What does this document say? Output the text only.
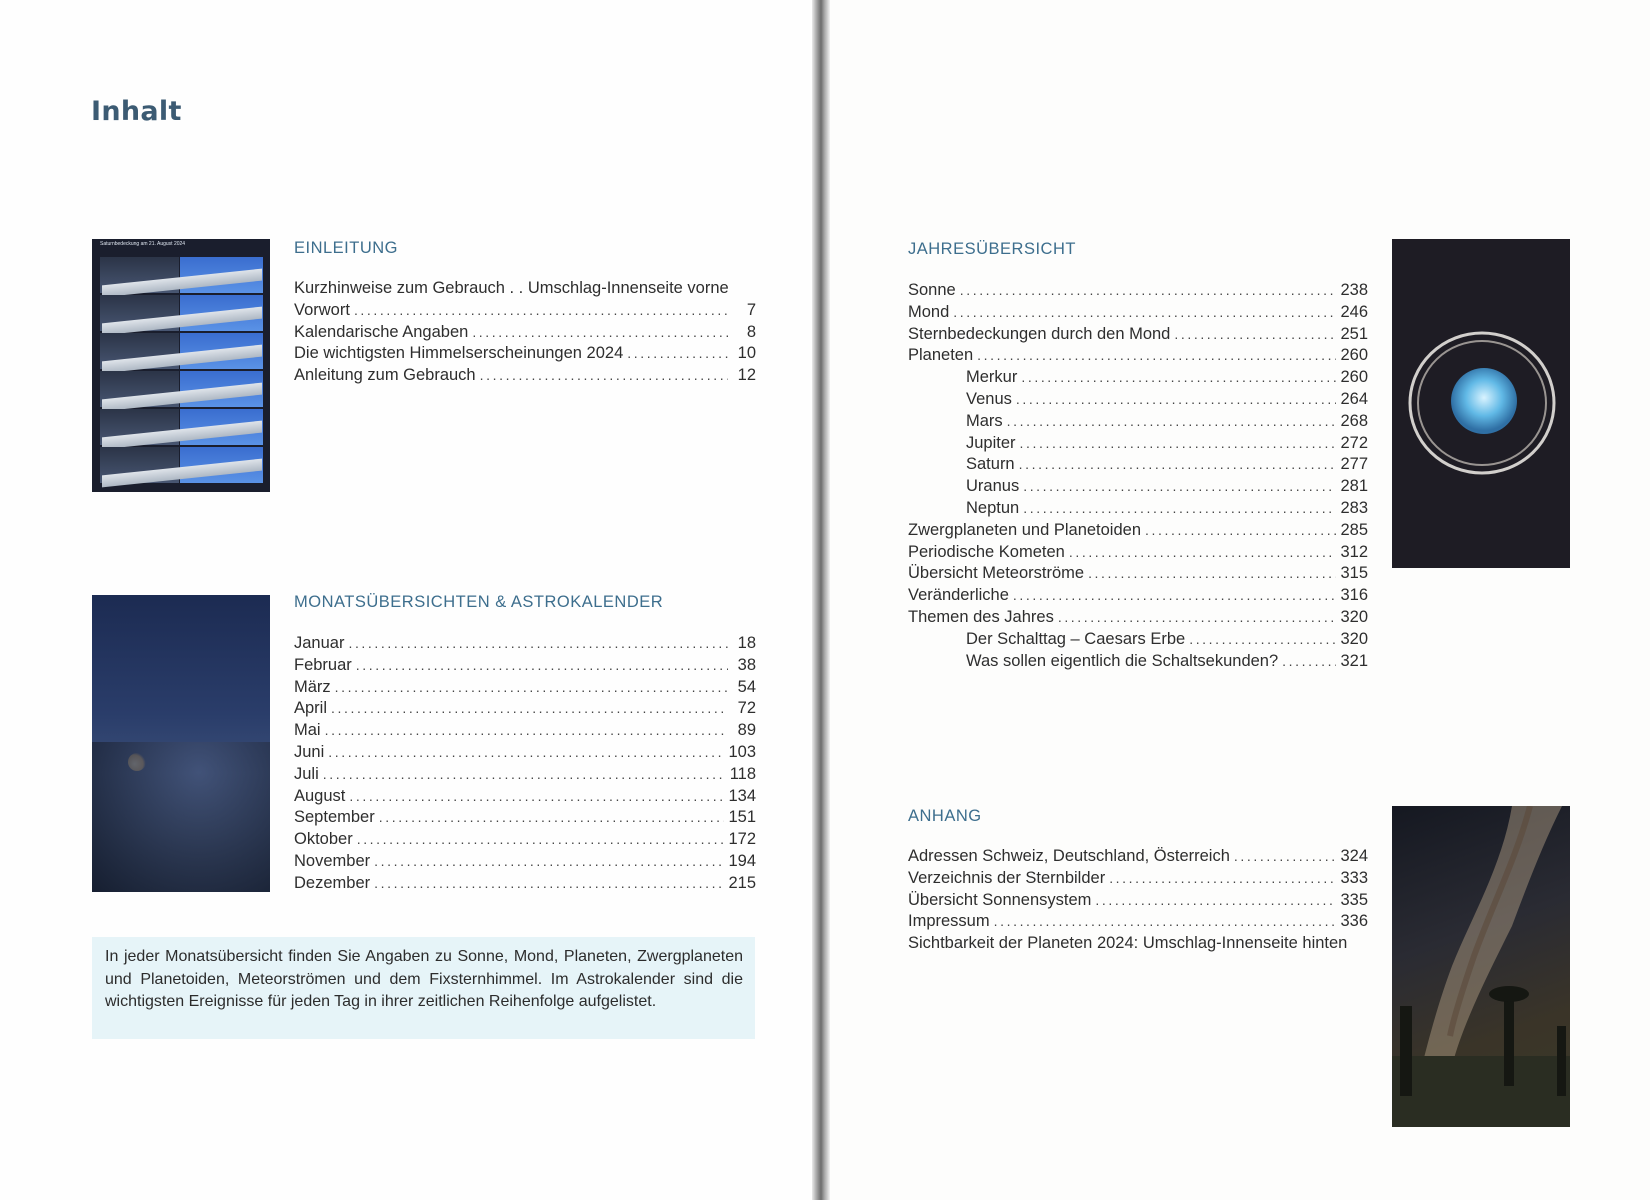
Inhalt
Saturnbedeckung am 21. August 2024	EINLEITUNG
Kurzhinweise zum Gebrauch . . Umschlag-Innenseite vorne
Vorwort .....	7
Kalendarische Angaben .....	8
Die wichtigsten Himmelserscheinungen 2024 .....	10
Anleitung zum Gebrauch .....	12
MONATSÜBERSICHTEN & ASTROKALENDER
Januar .....	18
Februar .....	38
März .....	54
April .....	72
Mai .....	89
Juni .....	103
Juli .....	118
August .....	134
September .....	151
Oktober .....	172
November .....	194
Dezember .....	215
In jeder Monatsübersicht finden Sie Angaben zu Sonne, Mond, Planeten, Zwergplaneten und Planetoiden, Meteorströmen und dem Fixsternhimmel. Im Astrokalender sind die wichtigsten Ereignisse für jeden Tag in ihrer zeitlichen Reihenfolge aufgelistet.
JAHRESÜBERSICHT
Sonne .....	238
Mond .....	246
Sternbedeckungen durch den Mond .....	251
Planeten .....	260
Merkur .....	260
Venus .....	264
Mars .....	268
Jupiter .....	272
Saturn .....	277
Uranus .....	281
Neptun .....	283
Zwergplaneten und Planetoiden .....	285
Periodische Kometen .....	312
Übersicht Meteorströme .....	315
Veränderliche .....	316
Themen des Jahres .....	320
Der Schalttag – Caesars Erbe .....	320
Was sollen eigentlich die Schaltsekunden? .....	321
ANHANG
Adressen Schweiz, Deutschland, Österreich .....	324
Verzeichnis der Sternbilder .....	333
Übersicht Sonnensystem .....	335
Impressum .....	336
Sichtbarkeit der Planeten 2024: Umschlag-Innenseite hinten
